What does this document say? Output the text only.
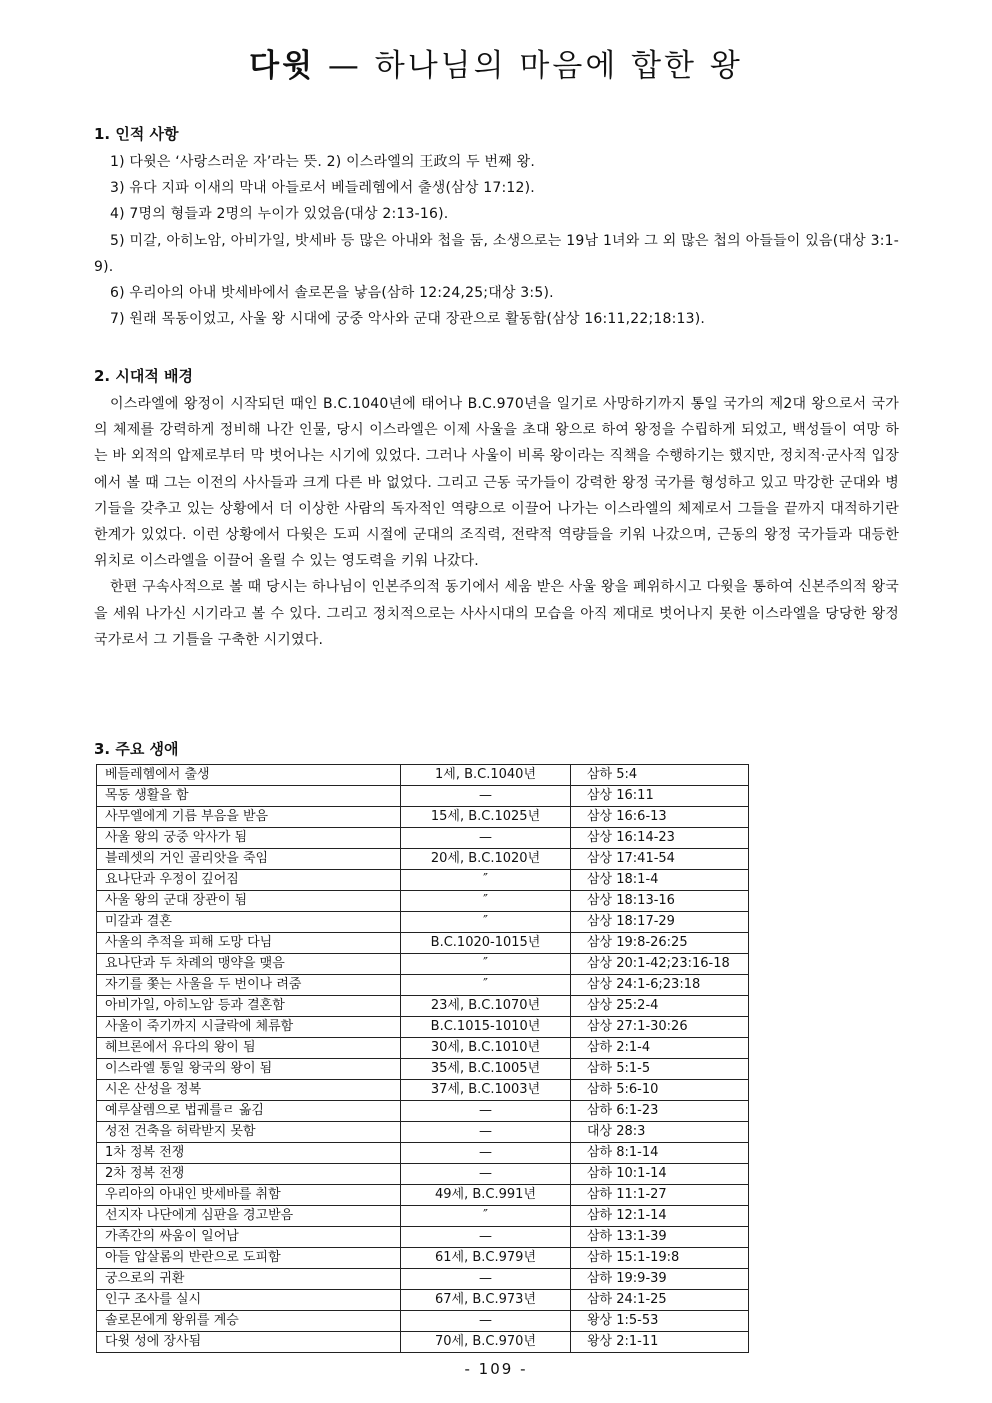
다윗 — 하나님의 마음에 합한 왕

1. 인적 사항

1) 다윗은 ‘사랑스러운 자’라는 뜻. 2) 이스라엘의 王政의 두 번째 왕.

3) 유다 지파 이새의 막내 아들로서 베들레헴에서 출생(삼상 17:12).

4) 7명의 형들과 2명의 누이가 있었음(대상 2:13-16).

5) 미갈, 아히노암, 아비가일, 밧세바 등 많은 아내와 첩을 둠, 소생으로는 19남 1녀와 그 외 많은 첩의 아들들이 있음(대상 3:1-9).

6) 우리아의 아내 밧세바에서 솔로몬을 낳음(삼하 12:24,25;대상 3:5).

7) 원래 목동이었고, 사울 왕 시대에 궁중 악사와 군대 장관으로 활동함(삼상 16:11,22;18:13).

2. 시대적 배경

이스라엘에 왕정이 시작되던 때인 B.C.1040년에 태어나 B.C.970년을 일기로 사망하기까지 통일 국가의 제2대 왕으로서 국가의 체제를 강력하게 정비해 나간 인물, 당시 이스라엘은 이제 사울을 초대 왕으로 하여 왕정을 수립하게 되었고, 백성들이 여망 하는 바 외적의 압제로부터 막 벗어나는 시기에 있었다. 그러나 사울이 비록 왕이라는 직책을 수행하기는 했지만, 정치적·군사적 입장에서 볼 때 그는 이전의 사사들과 크게 다른 바 없었다. 그리고 근동 국가들이 강력한 왕정 국가를 형성하고 있고 막강한 군대와 병기들을 갖추고 있는 상황에서 더 이상한 사람의 독자적인 역량으로 이끌어 나가는 이스라엘의 체제로서 그들을 끝까지 대적하기란 한계가 있었다. 이런 상황에서 다윗은 도피 시절에 군대의 조직력, 전략적 역량들을 키워 나갔으며, 근동의 왕정 국가들과 대등한 위치로 이스라엘을 이끌어 올릴 수 있는 영도력을 키워 나갔다.

한편 구속사적으로 볼 때 당시는 하나님이 인본주의적 동기에서 세움 받은 사울 왕을 폐위하시고 다윗을 통하여 신본주의적 왕국을 세워 나가신 시기라고 볼 수 있다. 그리고 정치적으로는 사사시대의 모습을 아직 제대로 벗어나지 못한 이스라엘을 당당한 왕정 국가로서 그 기틀을 구축한 시기였다.

3. 주요 생애

베들레헴에서 출생	1세, B.C.1040년	삼하 5:4
목동 생활을 함	—	삼상 16:11
사무엘에게 기름 부음을 받음	15세, B.C.1025년	삼상 16:6-13
사울 왕의 궁중 악사가 됨	—	삼상 16:14-23
블레셋의 거인 골리앗을 죽임	20세, B.C.1020년	삼상 17:41-54
요나단과 우정이 깊어짐	″	삼상 18:1-4
사울 왕의 군대 장관이 됨	″	삼상 18:13-16
미갈과 결혼	″	삼상 18:17-29
사울의 추적을 피해 도망 다님	B.C.1020-1015년	삼상 19:8-26:25
요나단과 두 차례의 맹약을 맺음	″	삼상 20:1-42;23:16-18
자기를 쫓는 사울을 두 번이나 려줌	″	삼상 24:1-6;23:18
아비가일, 아히노암 등과 결혼함	23세, B.C.1070년	삼상 25:2-4
사울이 죽기까지 시글락에 체류함	B.C.1015-1010년	삼상 27:1-30:26
헤브론에서 유다의 왕이 됨	30세, B.C.1010년	삼하 2:1-4
이스라엘 통일 왕국의 왕이 됨	35세, B.C.1005년	삼하 5:1-5
시온 산성을 정복	37세, B.C.1003년	삼하 5:6-10
예루살렘으로 법궤를ㄹ 옮김	—	삼하 6:1-23
성전 건축을 허락받지 못함	—	대상 28:3
1차 정복 전쟁	—	삼하 8:1-14
2차 정복 전쟁	—	삼하 10:1-14
우리아의 아내인 밧세바를 취함	49세, B.C.991년	삼하 11:1-27
선지자 나단에게 심판을 경고받음	″	삼하 12:1-14
가족간의 싸움이 일어남	—	삼하 13:1-39
아들 압살롬의 반란으로 도피함	61세, B.C.979년	삼하 15:1-19:8
궁으로의 귀환	—	삼하 19:9-39
인구 조사를 실시	67세, B.C.973년	삼하 24:1-25
솔로몬에게 왕위를 계승	—	왕상 1:5-53
다윗 성에 장사됨	70세, B.C.970년	왕상 2:1-11
- 109 -
